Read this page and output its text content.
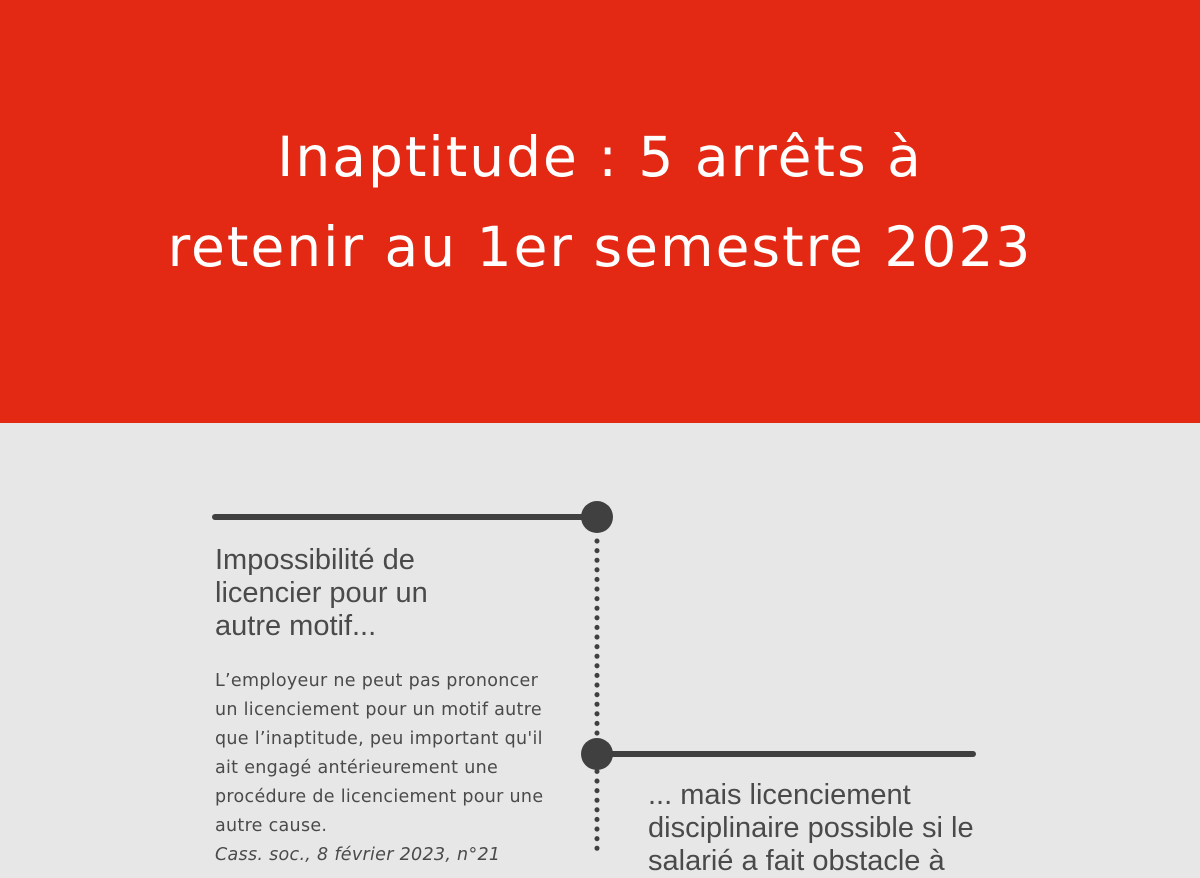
Inaptitude : 5 arrêts à
retenir au 1er semestre 2023
Impossibilité de
licencier pour un
autre motif...

L’employeur ne peut pas prononcer
un licenciement pour un motif autre
que l’inaptitude, peu important qu'il
ait engagé antérieurement une
procédure de licenciement pour une
autre cause.
Cass. soc., 8 février 2023, n°21

... mais licenciement
disciplinaire possible si le
salarié a fait obstacle à
